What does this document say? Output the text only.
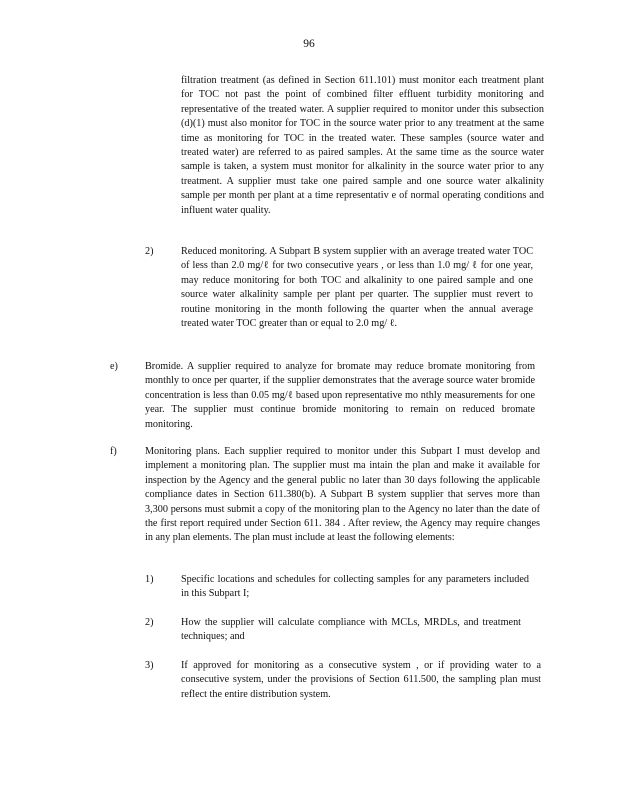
96

filtration treatment (as defined in Section 611.101) must monitor each treatment plant for TOC not past the point of combined filter effluent turbidity monitoring and representative of the treated water. A supplier required to monitor under this subsection (d)(1) must also monitor for TOC in the source water prior to any treatment at the same time as monitoring for TOC in the treated water. These samples (source water and treated water) are referred to as paired samples. At the same time as the source water sample is taken, a system must monitor for alkalinity in the source water prior to any treatment. A supplier must take one paired sample and one source water alkalinity sample per month per plant at a time representativ e of normal operating conditions and influent water quality.

2)	Reduced monitoring. A Subpart B system supplier with an average treated water TOC of less than 2.0 mg/ℓ for two consecutive years , or less than 1.0 mg/ ℓ for one year, may reduce monitoring for both TOC and alkalinity to one paired sample and one source water alkalinity sample per plant per quarter. The supplier must revert to routine monitoring in the month following the quarter when the annual average treated water TOC greater than or equal to 2.0 mg/ ℓ.

e)	Bromide. A supplier required to analyze for bromate may reduce bromate monitoring from monthly to once per quarter, if the supplier demonstrates that the average source water bromide concentration is less than 0.05 mg/ℓ based upon representative mo nthly measurements for one year. The supplier must continue bromide monitoring to remain on reduced bromate monitoring.

f)	Monitoring plans. Each supplier required to monitor under this Subpart I must develop and implement a monitoring plan. The supplier must ma intain the plan and make it available for inspection by the Agency and the general public no later than 30 days following the applicable compliance dates in Section 611.380(b). A Subpart B system supplier that serves more than 3,300 persons must submit a copy of the monitoring plan to the Agency no later than the date of the first report required under Section 611. 384 . After review, the Agency may require changes in any plan elements. The plan must include at least the following elements:

1)	Specific locations and schedules for collecting samples for any parameters included in this Subpart I;

2)	How the supplier will calculate compliance with MCLs, MRDLs, and treatment techniques; and

3)	If approved for monitoring as a consecutive system , or if providing water to a consecutive system, under the provisions of Section 611.500, the sampling plan must reflect the entire distribution system.
